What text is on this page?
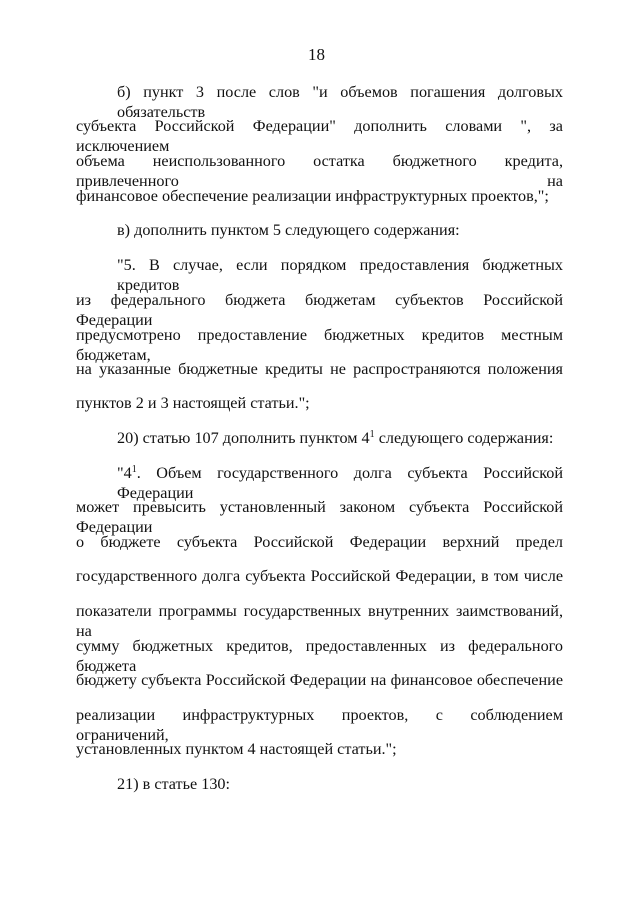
18
б) пункт 3 после слов "и объемов погашения долговых обязательств
субъекта Российской Федерации" дополнить словами ", за исключением
объема неиспользованного остатка бюджетного кредита, привлеченного на
финансовое обеспечение реализации инфраструктурных проектов,";
в) дополнить пунктом 5 следующего содержания:
"5. В случае, если порядком предоставления бюджетных кредитов
из федерального бюджета бюджетам субъектов Российской Федерации
предусмотрено предоставление бюджетных кредитов местным бюджетам,
на указанные бюджетные кредиты не распространяются положения
пунктов 2 и 3 настоящей статьи.";
20) статью 107 дополнить пунктом $4^1$ следующего содержания:
"$4^1$. Объем государственного долга субъекта Российской Федерации
может превысить установленный законом субъекта Российской Федерации
о бюджете субъекта Российской Федерации верхний предел
государственного долга субъекта Российской Федерации, в том числе
показатели программы государственных внутренних заимствований, на
сумму бюджетных кредитов, предоставленных из федерального бюджета
бюджету субъекта Российской Федерации на финансовое обеспечение
реализации инфраструктурных проектов, с соблюдением ограничений,
установленных пунктом 4 настоящей статьи.";
21) в статье 130:
